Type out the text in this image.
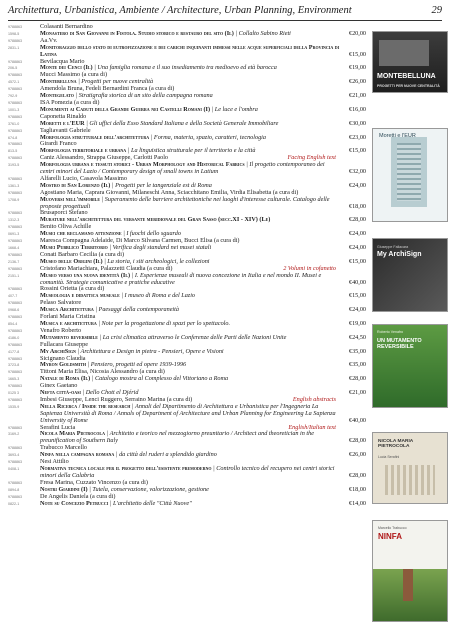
Architettura, Urbanistica, Ambiente / Architecture, Urban Planning, Environment	29
9788863	Colasanti Bernardino
1598-5	Monastero di San Giovanni in Fistola. Studio storico e restauro del sito (Il) | Collalto Sabino Rieti	€20,00
9788863	Aa.Vv.
2831-1	Monitoraggio dello stato di eutrofizzazione e dei carichi inquinanti immessi nelle acque superficiali della Provincia di Latina	€15,00
9788863	Bevilacqua Mario
206-5	Monte dei Cenci (Il) | Una famiglia romana e il suo insediamento tra medioevo ed età barocca	€19,00
9788863	Mucci Massimo (a cura di)
4572-1	Montebelluna | Progetti per nuove centralità	€26,00
9788863	Amendola Bruna, Fedeli Bernardini Franca (a cura di)
792-9	Montegelato | Stratigrafia storica di un sito della campagna romana	€21,00
9788863	ISA Pomezia (a cura di)
1001-3	Monumenti ai Caduti della Grande Guerra nei Castelli Romani (I) | Le luce e l'ombra	€16,00
9788863	Caponetta Rinaldo
3761-0	Moretti e l'EUR | Gli uffici della Esso Standard Italiana e della Società Generale Immobiliare	€30,00
9788863	Tagliavanti Gabriele
674-8	Morfologia strutturale dell'architettura | Forma, materia, spazio, caratteri, tecnologia	€23,00
9788863	Girardi Franco
813-5	Morfologia territoriale e urbana | La linguistica strutturale per il territorio e la città	€15,00
9788863	Facing English text
Caniz Alessandro, Strappa Giuseppe, Carlotti Paolo
3193-5	Morfologia urbana e tessuti storici - Urban Morphology and Historical Fabrics | Il progetto contemporaneo dei centri minori del Lazio / Contemporary design of small towns in Latium	€32,00
9788863	Alfarelli Lucio, Casavola Massimo
1361-3	Mostro di San Lorenzo (Il) | Progetti per le tangenziale est di Roma	€24,00
9788863	Agostiano Maria, Caprara Giovanni, Milaneschi Anna, Sciacchitano Emilia, Virdia Elisabetta (a cura di)
1708-9	Muoversi nell'immobile | Superamento delle barriere architettoniche nei luoghi d'interesse culturale. Catalogo delle proposte progettuali	€18,00
9788863	Brusaporci Stefano
1312-3	Murature nell'architettura del versante meridionale del Gran Sasso (secc.XI - XIV) (Le)	€28,00
9788863	Benito Oliva Achille
0691-3	Musei che reclamano attenzione | I fuochi dello sguardo	€24,00
9788863	Maresca Compagna Adelaide, Di Marco Silvana Carmen, Bucci Elisa (a cura di)
1668-4	Musei Pubblico Territorio | Verifica degli standard nei musei statali	€24,00
9788863	Conati Barbaro Cecilia (a cura di)
2136-7	Museo delle Origini (Il) | La storia, i siti archeologici, le collezioni	€15,00
9788863	2 Volumi in cofanetto
Cristofano Mariachiara, Palazzetti Claudia (a cura di)
2151-1	Museo verso una nuova identità (Il) | I. Esperienze museali di nuova concezione in Italia e nel mondo II. Musei e comunità. Strategie comunicative e pratiche educative	€40,00
9788863	Rossini Orietta (a cura di)
407-7	Museologia e didattica museale | I museo di Roma e del Lazio	€15,00
9788863	Pelaso Salvatore
0968-6	Musica Architettura | Paesaggi della contemporaneità	€24,00
9788863	Forlani Maria Cristina
854-4	Musica e architettura | Note per la progettazione di spazi per lo spettacolo.	€19,00
9788863	Venafro Roberto
4186-0	Mutamento reversibile | La crisi climatica attraverso le Conferenze delle Parti delle Nazioni Unite	€24,50
9788863	Fullacara Giuseppe
4177-8	My ArchiSign | Architettura e Design in pietra - Pensieri, Opere e Visioni	€35,00
9788863	Sicignano Claudia
3723-8	Myron Goldsmith | Pensiero, progetti ed opere 1939-1996	€35,00
9788863	Tittoni Maria Elisa, Nicosia Alessandro (a cura di)
1665-3	Natale di Roma (Il) | Catalogo mostra al Complesso del Vittoriano a Roma	€28,00
9788863	Ginex Gaetano
0125 3	Nefta città-oasi | Dello Chott el Djérid	€21,00
9788863	English abstracts
Imbesi Giuseppe, Lenci Ruggero, Serraino Marina (a cura di)
1535-9	Nella Ricerca / Inside the research | Annali del Dipartimento di Architettura e Urbanistica per l'Ingegneria La Sapienza Università di Roma / Annals of Department of Architecture and Urban Planning for Engineering La Sapienza University of Rome	€40,00
9788863	English/Italian text
Serafini Lucia
3169-2	Nicola Maria Pietrocola | Architetto e teorico nel mezzogiorno preunitario / Architect and theoretician in the preunification of Southern Italy	€28,00
9788863	Trabucco Marcello
3693-4	Ninfa nella campagna romana | da città del ruderi a splendido giardino	€26,00
9788863	Nesi Attilio
0408-1	Normativa tecnica locale per il progetto dell'esistente premoderno | Controllo tecnico del recupero nei centri storici minori della Calabria	€28,00
9788863	Fresa Marina, Cuzzato Vincenzo (a cura di)
0894-8	Nostri Giardini (I) | Tutela, conservazione, valorizzazione, gestione	€18,00
9788863	De Angelis Daniela (a cura di)
0822-1	Note su Concezio Petrucci | L'architetto delle "Città Nuove"	€14,00
MONTEBELLUNA
PROGETTI PER NUOVE CENTRALITÀ
Moretti e l'EUR
Giuseppe Fallacara
My ArchiSign
Roberto Venafro
UN MUTAMENTO REVERSIBILE
NICOLA MARIA PIETROCOLA
Lucia Serafini
Marcello Trabucco
NINFA
